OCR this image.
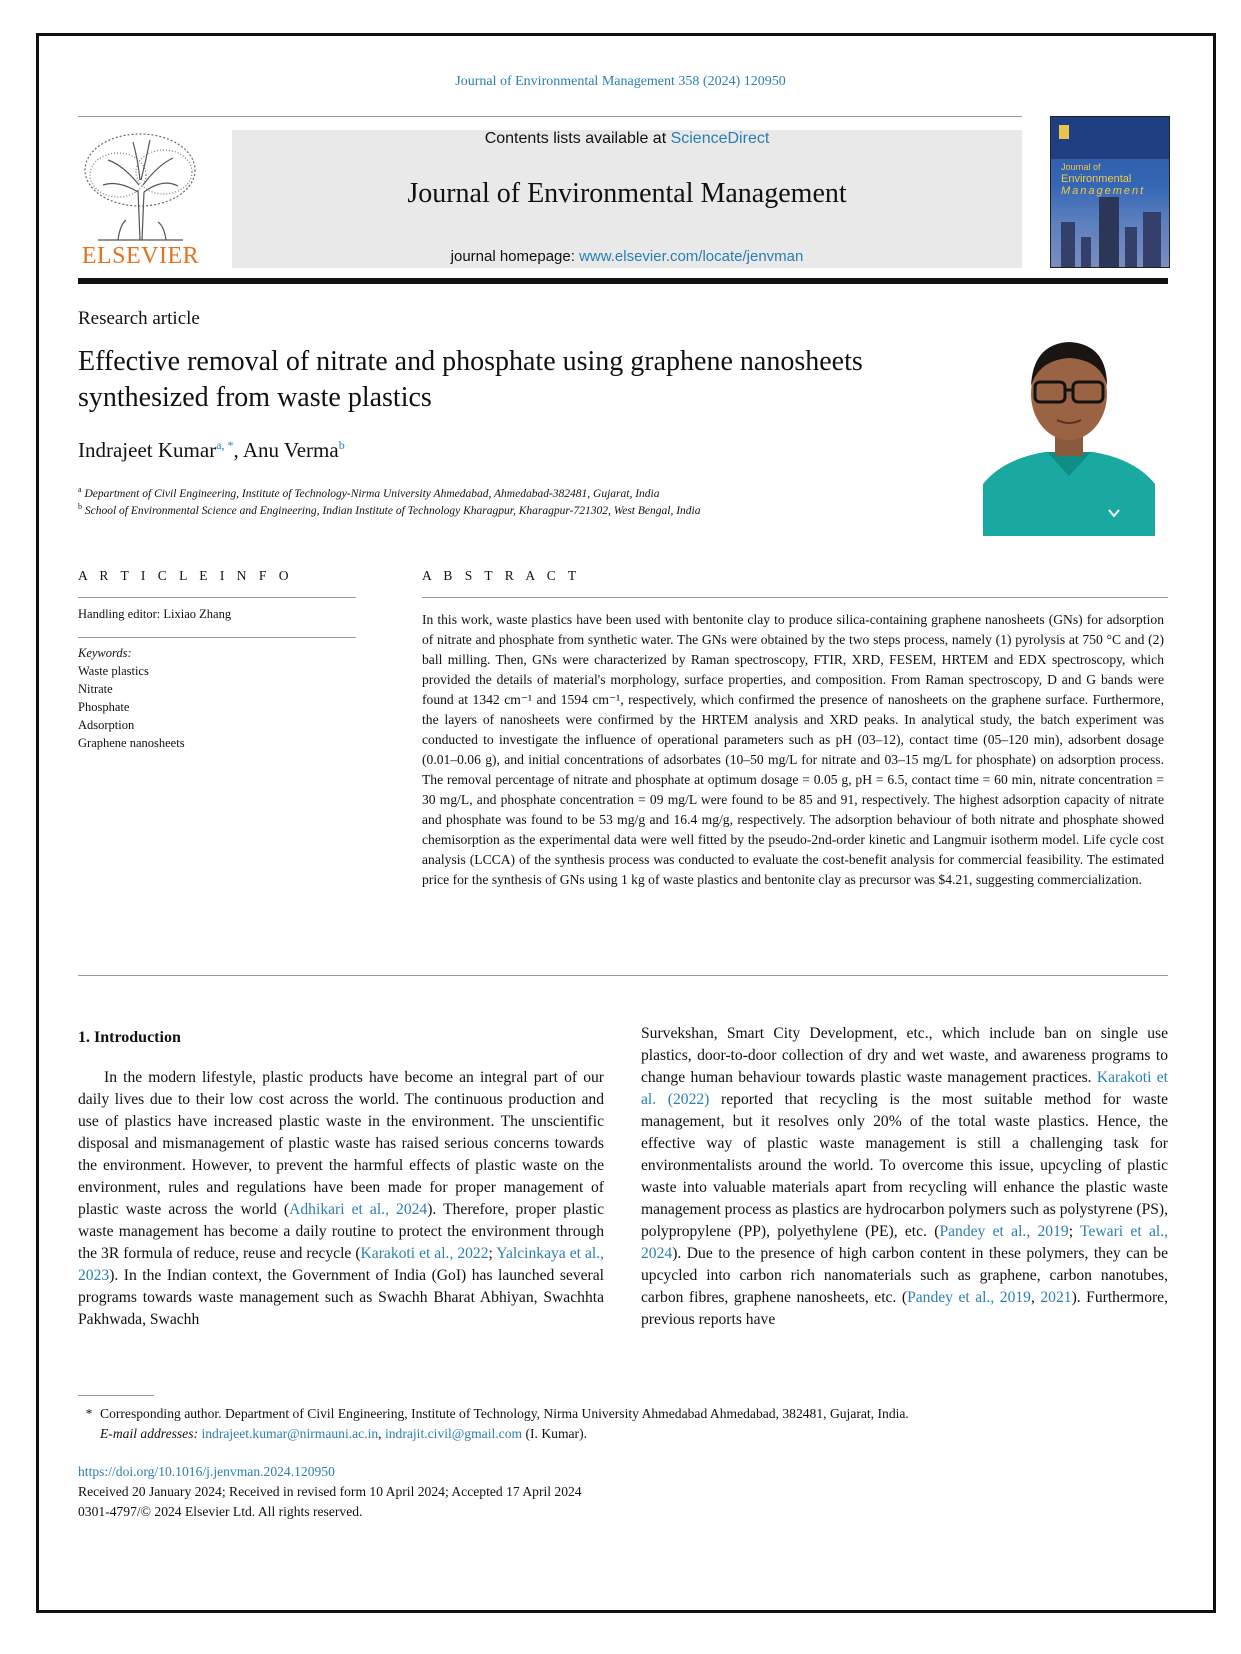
Journal of Environmental Management 358 (2024) 120950
ELSEVIER
Contents lists available at ScienceDirect
Journal of Environmental Management
journal homepage: www.elsevier.com/locate/jenvman
Journal of
Environmental
Management
Research article
Effective removal of nitrate and phosphate using graphene nanosheets synthesized from waste plastics
Indrajeet Kumar$^{a, *}$, Anu Verma$^b$
$^a$ Department of Civil Engineering, Institute of Technology-Nirma University Ahmedabad, Ahmedabad-382481, Gujarat, India
$^b$ School of Environmental Science and Engineering, Indian Institute of Technology Kharagpur, Kharagpur-721302, West Bengal, India
A R T I C L E I N F O
Handling editor: Lixiao Zhang
Keywords:
Waste plastics
Nitrate
Phosphate
Adsorption
Graphene nanosheets
A B S T R A C T
In this work, waste plastics have been used with bentonite clay to produce silica-containing graphene nanosheets (GNs) for adsorption of nitrate and phosphate from synthetic water. The GNs were obtained by the two steps process, namely (1) pyrolysis at 750 °C and (2) ball milling. Then, GNs were characterized by Raman spectroscopy, FTIR, XRD, FESEM, HRTEM and EDX spectroscopy, which provided the details of material's morphology, surface properties, and composition. From Raman spectroscopy, D and G bands were found at 1342 cm⁻¹ and 1594 cm⁻¹, respectively, which confirmed the presence of nanosheets on the graphene surface. Furthermore, the layers of nanosheets were confirmed by the HRTEM analysis and XRD peaks. In analytical study, the batch experiment was conducted to investigate the influence of operational parameters such as pH (03–12), contact time (05–120 min), adsorbent dosage (0.01–0.06 g), and initial concentrations of adsorbates (10–50 mg/L for nitrate and 03–15 mg/L for phosphate) on adsorption process. The removal percentage of nitrate and phosphate at optimum dosage = 0.05 g, pH = 6.5, contact time = 60 min, nitrate concentration = 30 mg/L, and phosphate concentration = 09 mg/L were found to be 85 and 91, respectively. The highest adsorption capacity of nitrate and phosphate was found to be 53 mg/g and 16.4 mg/g, respectively. The adsorption behaviour of both nitrate and phosphate showed chemisorption as the experimental data were well fitted by the pseudo-2nd-order kinetic and Langmuir isotherm model. Life cycle cost analysis (LCCA) of the synthesis process was conducted to evaluate the cost-benefit analysis for commercial feasibility. The estimated price for the synthesis of GNs using 1 kg of waste plastics and bentonite clay as precursor was $4.21, suggesting commercialization.
1. Introduction
In the modern lifestyle, plastic products have become an integral part of our daily lives due to their low cost across the world. The continuous production and use of plastics have increased plastic waste in the environment. The unscientific disposal and mismanagement of plastic waste has raised serious concerns towards the environment. However, to prevent the harmful effects of plastic waste on the environment, rules and regulations have been made for proper management of plastic waste across the world (Adhikari et al., 2024). Therefore, proper plastic waste management has become a daily routine to protect the environment through the 3R formula of reduce, reuse and recycle (Karakoti et al., 2022; Yalcinkaya et al., 2023). In the Indian context, the Government of India (GoI) has launched several programs towards waste management such as Swachh Bharat Abhiyan, Swachhta Pakhwada, Swachh
Survekshan, Smart City Development, etc., which include ban on single use plastics, door-to-door collection of dry and wet waste, and awareness programs to change human behaviour towards plastic waste management practices. Karakoti et al. (2022) reported that recycling is the most suitable method for waste management, but it resolves only 20% of the total waste plastics. Hence, the effective way of plastic waste management is still a challenging task for environmentalists around the world. To overcome this issue, upcycling of plastic waste into valuable materials apart from recycling will enhance the plastic waste management process as plastics are hydrocarbon polymers such as polystyrene (PS), polypropylene (PP), polyethylene (PE), etc. (Pandey et al., 2019; Tewari et al., 2024). Due to the presence of high carbon content in these polymers, they can be upcycled into carbon rich nanomaterials such as graphene, carbon nanotubes, carbon fibres, graphene nanosheets, etc. (Pandey et al., 2019, 2021). Furthermore, previous reports have
* Corresponding author. Department of Civil Engineering, Institute of Technology, Nirma University Ahmedabad Ahmedabad, 382481, Gujarat, India.
E-mail addresses: indrajeet.kumar@nirmauni.ac.in, indrajit.civil@gmail.com (I. Kumar).
https://doi.org/10.1016/j.jenvman.2024.120950
Received 20 January 2024; Received in revised form 10 April 2024; Accepted 17 April 2024
0301-4797/© 2024 Elsevier Ltd. All rights reserved.
